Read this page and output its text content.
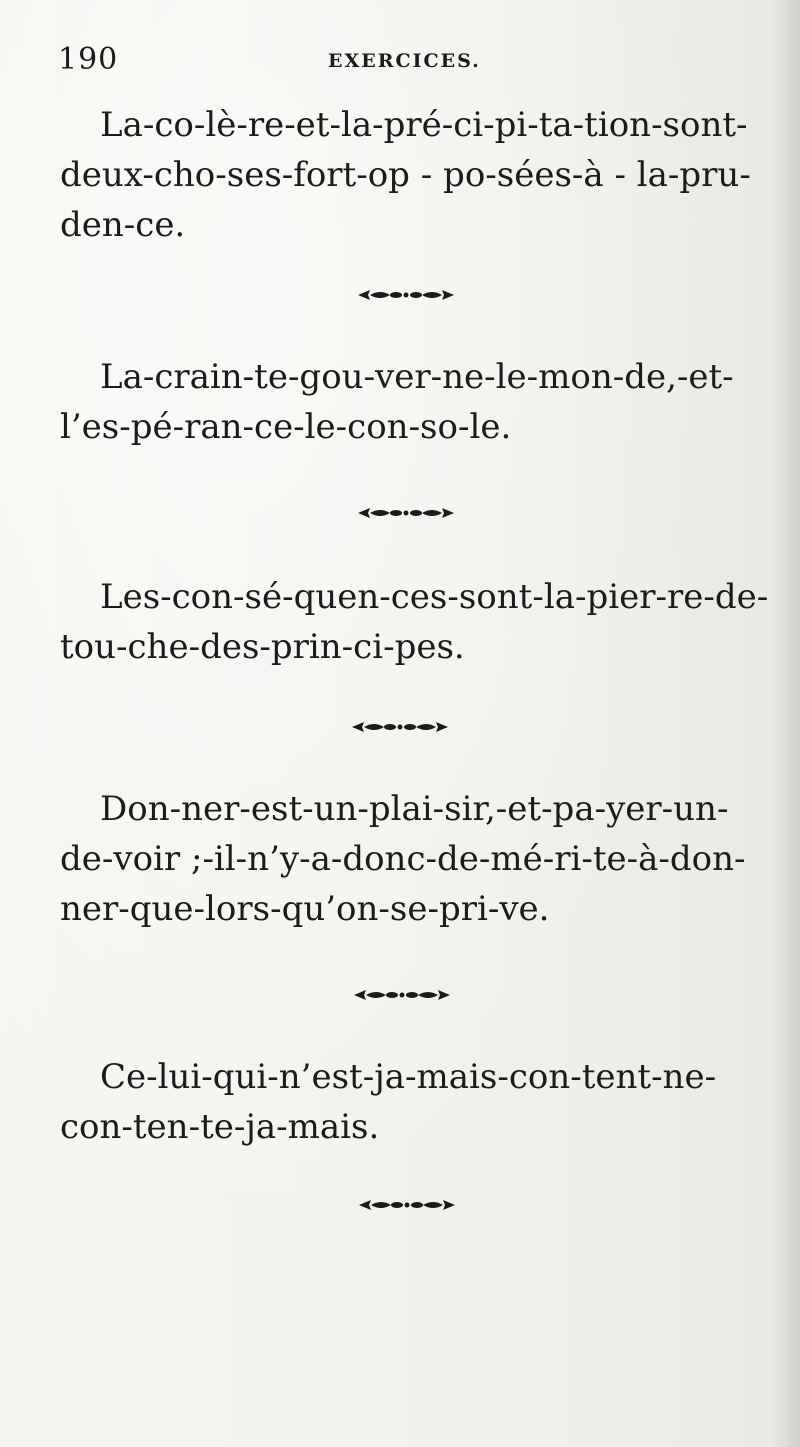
190	EXERCICES.

La-co-lè-re-et-la-pré-ci-pi-ta-tion-sont-
deux-cho-ses-fort-op - po-sées-à - la-pru-
den-ce.

La-crain-te-gou-ver-ne-le-mon-de,-et-
l’es-pé-ran-ce-le-con-so-le.

Les-con-sé-quen-ces-sont-la-pier-re-de-
tou-che-des-prin-ci-pes.

Don-ner-est-un-plai-sir,-et-pa-yer-un-
de-voir ;-il-n’y-a-donc-de-mé-ri-te-à-don-
ner-que-lors-qu’on-se-pri-ve.

Ce-lui-qui-n’est-ja-mais-con-tent-ne-
con-ten-te-ja-mais.
